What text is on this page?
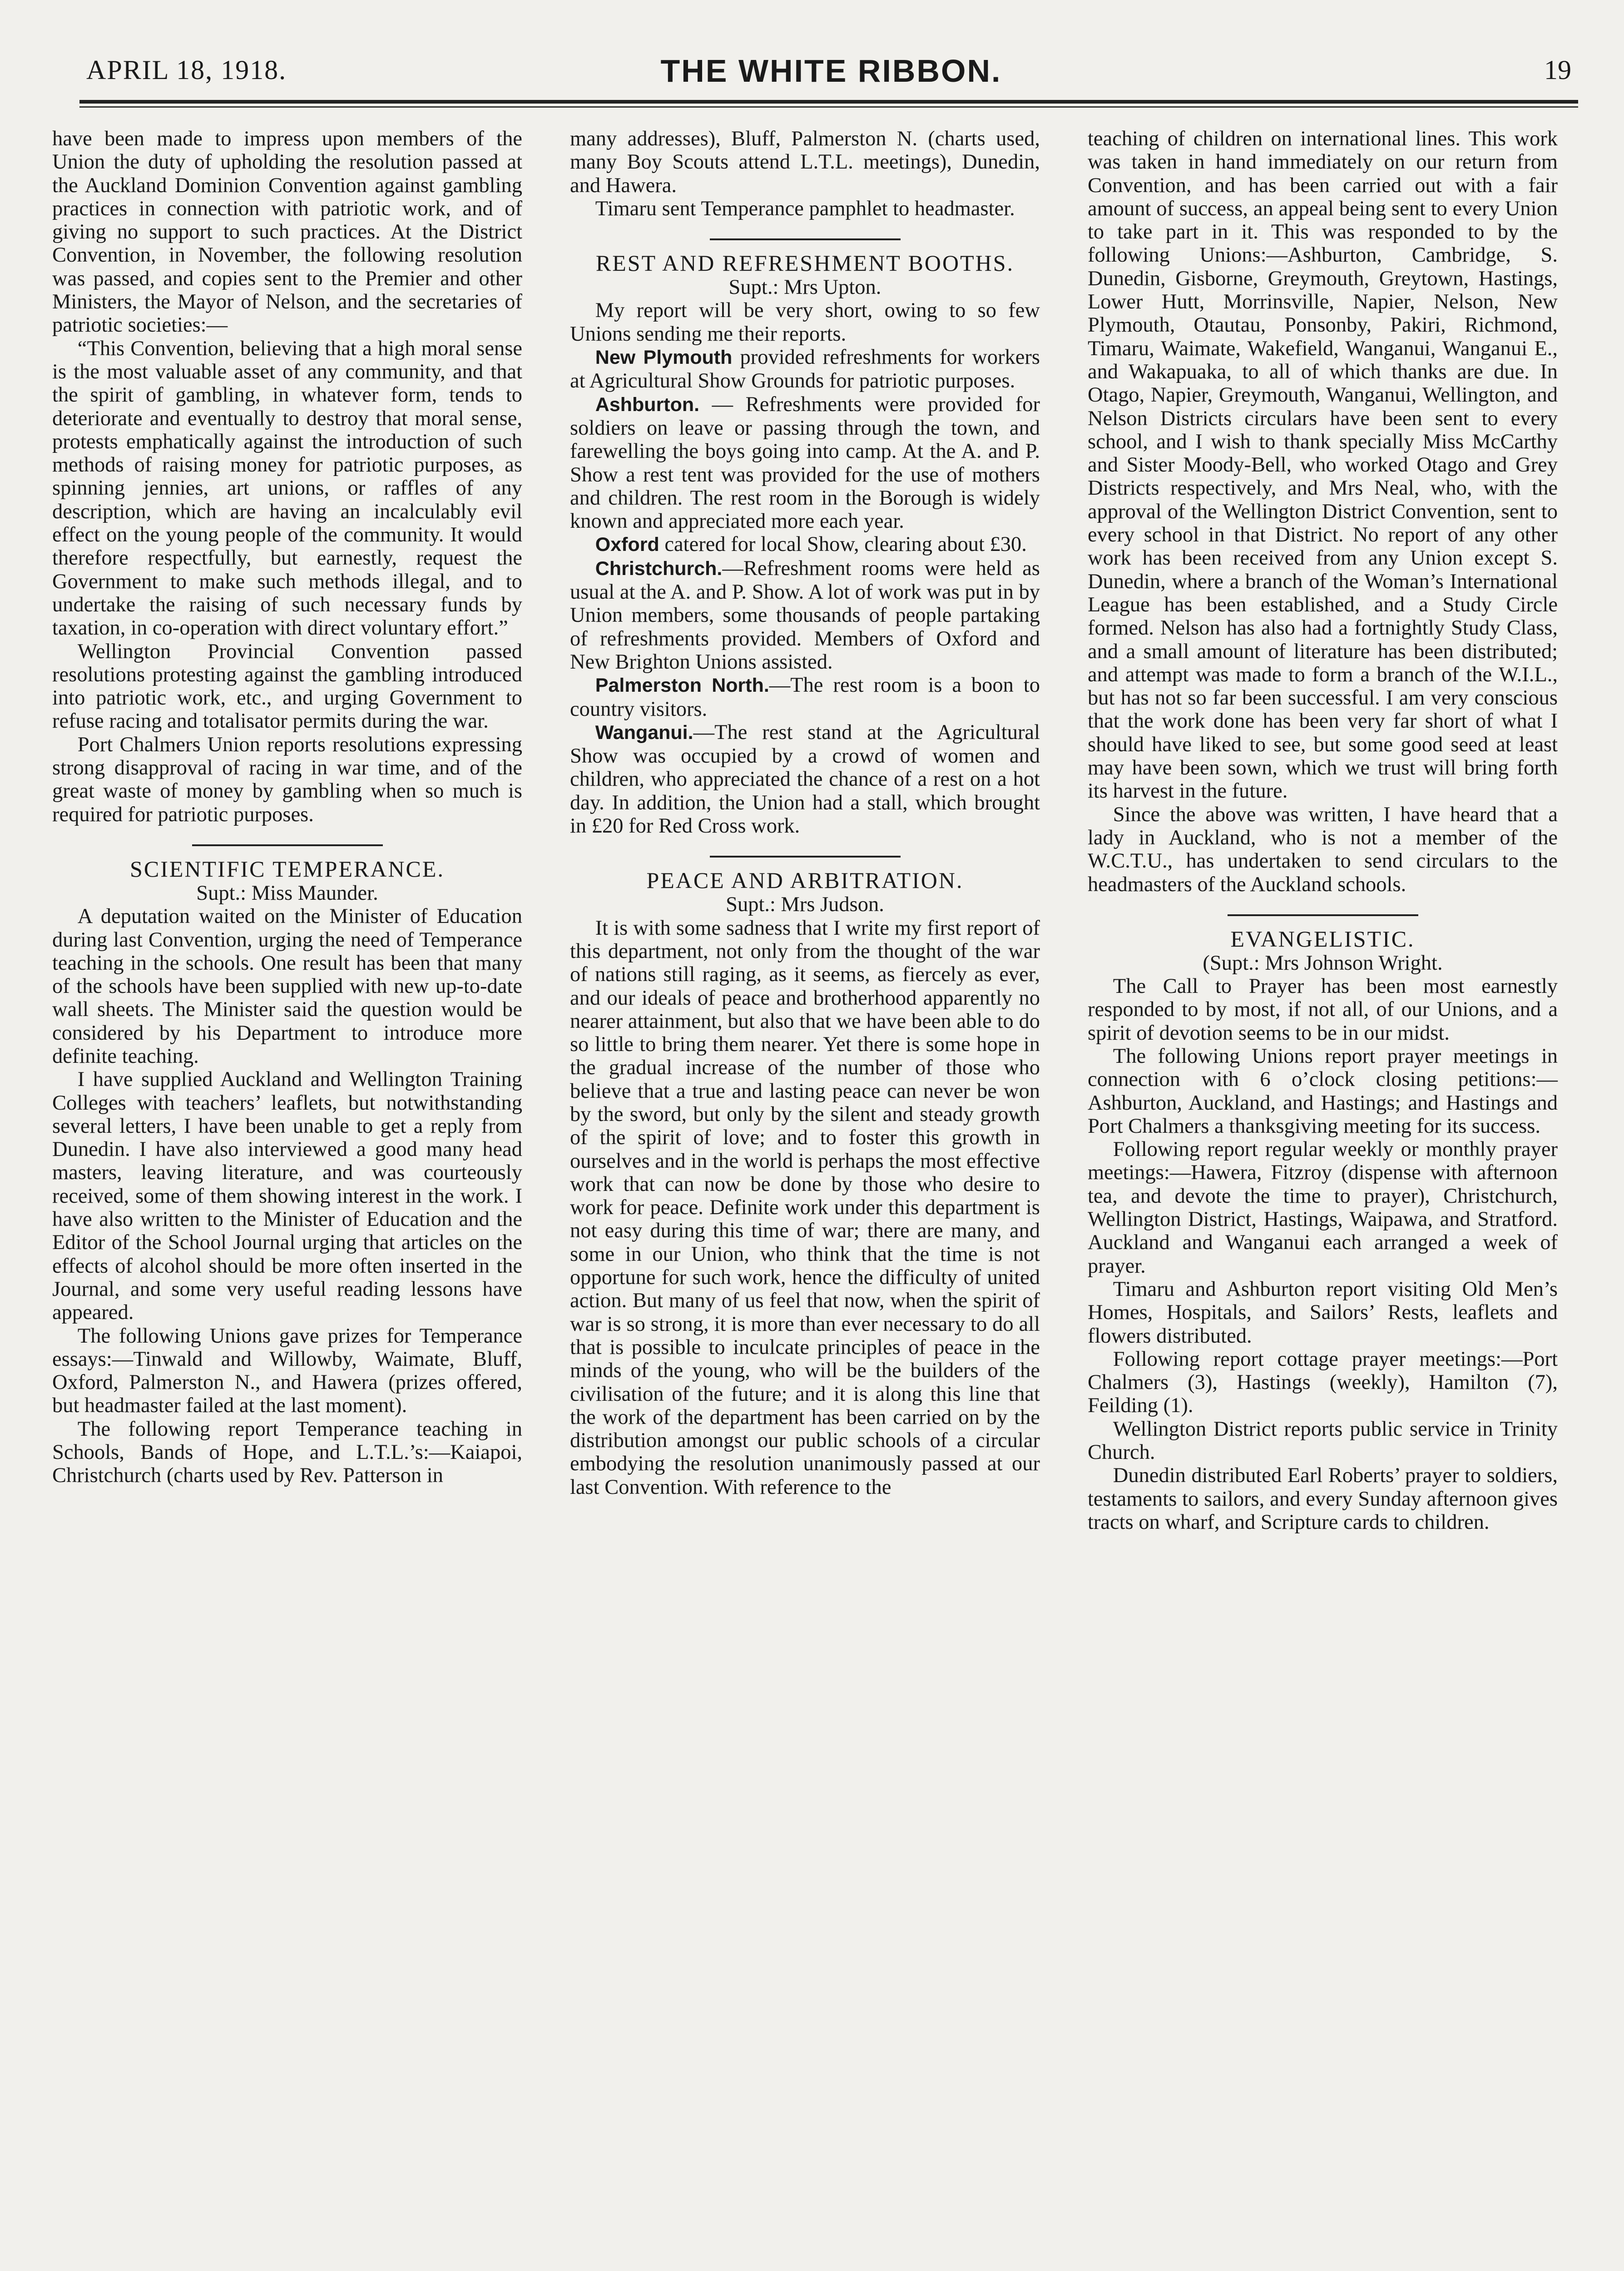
APRIL 18, 1918.	THE WHITE RIBBON.	19

have been made to impress upon members of the Union the duty of upholding the resolution passed at the Auckland Dominion Convention against gambling practices in connection with patriotic work, and of giving no support to such practices. At the District Convention, in November, the following resolution was passed, and copies sent to the Premier and other Ministers, the Mayor of Nelson, and the secretaries of patriotic societies:—

“This Convention, believing that a high moral sense is the most valuable asset of any community, and that the spirit of gambling, in whatever form, tends to deteriorate and eventually to destroy that moral sense, protests emphatically against the introduction of such methods of raising money for patriotic purposes, as spinning jennies, art unions, or raffles of any description, which are having an incalculably evil effect on the young people of the community. It would therefore respectfully, but earnestly, request the Government to make such methods illegal, and to undertake the raising of such necessary funds by taxation, in co-operation with direct voluntary effort.”

Wellington Provincial Convention passed resolutions protesting against the gambling introduced into patriotic work, etc., and urging Government to refuse racing and totalisator permits during the war.

Port Chalmers Union reports resolutions expressing strong disapproval of racing in war time, and of the great waste of money by gambling when so much is required for patriotic purposes.

SCIENTIFIC TEMPERANCE.

Supt.: Miss Maunder.

A deputation waited on the Minister of Education during last Convention, urging the need of Temperance teaching in the schools. One result has been that many of the schools have been supplied with new up-to-date wall sheets. The Minister said the question would be considered by his Department to introduce more definite teaching.

I have supplied Auckland and Wellington Training Colleges with teachers’ leaflets, but notwithstanding several letters, I have been unable to get a reply from Dunedin. I have also interviewed a good many head masters, leaving literature, and was courteously received, some of them showing interest in the work. I have also written to the Minister of Education and the Editor of the School Journal urging that articles on the effects of alcohol should be more often inserted in the Journal, and some very useful reading lessons have appeared.

The following Unions gave prizes for Temperance essays:—Tinwald and Willowby, Waimate, Bluff, Oxford, Palmerston N., and Hawera (prizes offered, but headmaster failed at the last moment).

The following report Temperance teaching in Schools, Bands of Hope, and L.T.L.’s:—Kaiapoi, Christchurch (charts used by Rev. Patterson in

many addresses), Bluff, Palmerston N. (charts used, many Boy Scouts attend L.T.L. meetings), Dunedin, and Hawera.

Timaru sent Temperance pamphlet to headmaster.

REST AND REFRESHMENT BOOTHS.

Supt.: Mrs Upton.

My report will be very short, owing to so few Unions sending me their reports.

New Plymouth provided refreshments for workers at Agricultural Show Grounds for patriotic purposes.

Ashburton. — Refreshments were provided for soldiers on leave or passing through the town, and farewelling the boys going into camp. At the A. and P. Show a rest tent was provided for the use of mothers and children. The rest room in the Borough is widely known and appreciated more each year.

Oxford catered for local Show, clearing about £30.

Christchurch.—Refreshment rooms were held as usual at the A. and P. Show. A lot of work was put in by Union members, some thousands of people partaking of refreshments provided. Members of Oxford and New Brighton Unions assisted.

Palmerston North.—The rest room is a boon to country visitors.

Wanganui.—The rest stand at the Agricultural Show was occupied by a crowd of women and children, who appreciated the chance of a rest on a hot day. In addition, the Union had a stall, which brought in £20 for Red Cross work.

PEACE AND ARBITRATION.

Supt.: Mrs Judson.

It is with some sadness that I write my first report of this department, not only from the thought of the war of nations still raging, as it seems, as fiercely as ever, and our ideals of peace and brotherhood apparently no nearer attainment, but also that we have been able to do so little to bring them nearer. Yet there is some hope in the gradual increase of the number of those who believe that a true and lasting peace can never be won by the sword, but only by the silent and steady growth of the spirit of love; and to foster this growth in ourselves and in the world is perhaps the most effective work that can now be done by those who desire to work for peace. Definite work under this department is not easy during this time of war; there are many, and some in our Union, who think that the time is not opportune for such work, hence the difficulty of united action. But many of us feel that now, when the spirit of war is so strong, it is more than ever necessary to do all that is possible to inculcate principles of peace in the minds of the young, who will be the builders of the civilisation of the future; and it is along this line that the work of the department has been carried on by the distribution amongst our public schools of a circular embodying the resolution unanimously passed at our last Convention. With reference to the

teaching of children on international lines. This work was taken in hand immediately on our return from Convention, and has been carried out with a fair amount of success, an appeal being sent to every Union to take part in it. This was responded to by the following Unions:—Ashburton, Cambridge, S. Dunedin, Gisborne, Greymouth, Greytown, Hastings, Lower Hutt, Morrinsville, Napier, Nelson, New Plymouth, Otautau, Ponsonby, Pakiri, Richmond, Timaru, Waimate, Wakefield, Wanganui, Wanganui E., and Wakapuaka, to all of which thanks are due. In Otago, Napier, Greymouth, Wanganui, Wellington, and Nelson Districts circulars have been sent to every school, and I wish to thank specially Miss McCarthy and Sister Moody-Bell, who worked Otago and Grey Districts respectively, and Mrs Neal, who, with the approval of the Wellington District Convention, sent to every school in that District. No report of any other work has been received from any Union except S. Dunedin, where a branch of the Woman’s International League has been established, and a Study Circle formed. Nelson has also had a fortnightly Study Class, and a small amount of literature has been distributed; and attempt was made to form a branch of the W.I.L., but has not so far been successful. I am very conscious that the work done has been very far short of what I should have liked to see, but some good seed at least may have been sown, which we trust will bring forth its harvest in the future.

Since the above was written, I have heard that a lady in Auckland, who is not a member of the W.C.T.U., has undertaken to send circulars to the headmasters of the Auckland schools.

EVANGELISTIC.

(Supt.: Mrs Johnson Wright.

The Call to Prayer has been most earnestly responded to by most, if not all, of our Unions, and a spirit of devotion seems to be in our midst.

The following Unions report prayer meetings in connection with 6 o’clock closing petitions:—Ashburton, Auckland, and Hastings; and Hastings and Port Chalmers a thanksgiving meeting for its success.

Following report regular weekly or monthly prayer meetings:—Hawera, Fitzroy (dispense with afternoon tea, and devote the time to prayer), Christchurch, Wellington District, Hastings, Waipawa, and Stratford. Auckland and Wanganui each arranged a week of prayer.

Timaru and Ashburton report visiting Old Men’s Homes, Hospitals, and Sailors’ Rests, leaflets and flowers distributed.

Following report cottage prayer meetings:—Port Chalmers (3), Hastings (weekly), Hamilton (7), Feilding (1).

Wellington District reports public service in Trinity Church.

Dunedin distributed Earl Roberts’ prayer to soldiers, testaments to sailors, and every Sunday afternoon gives tracts on wharf, and Scripture cards to children.
